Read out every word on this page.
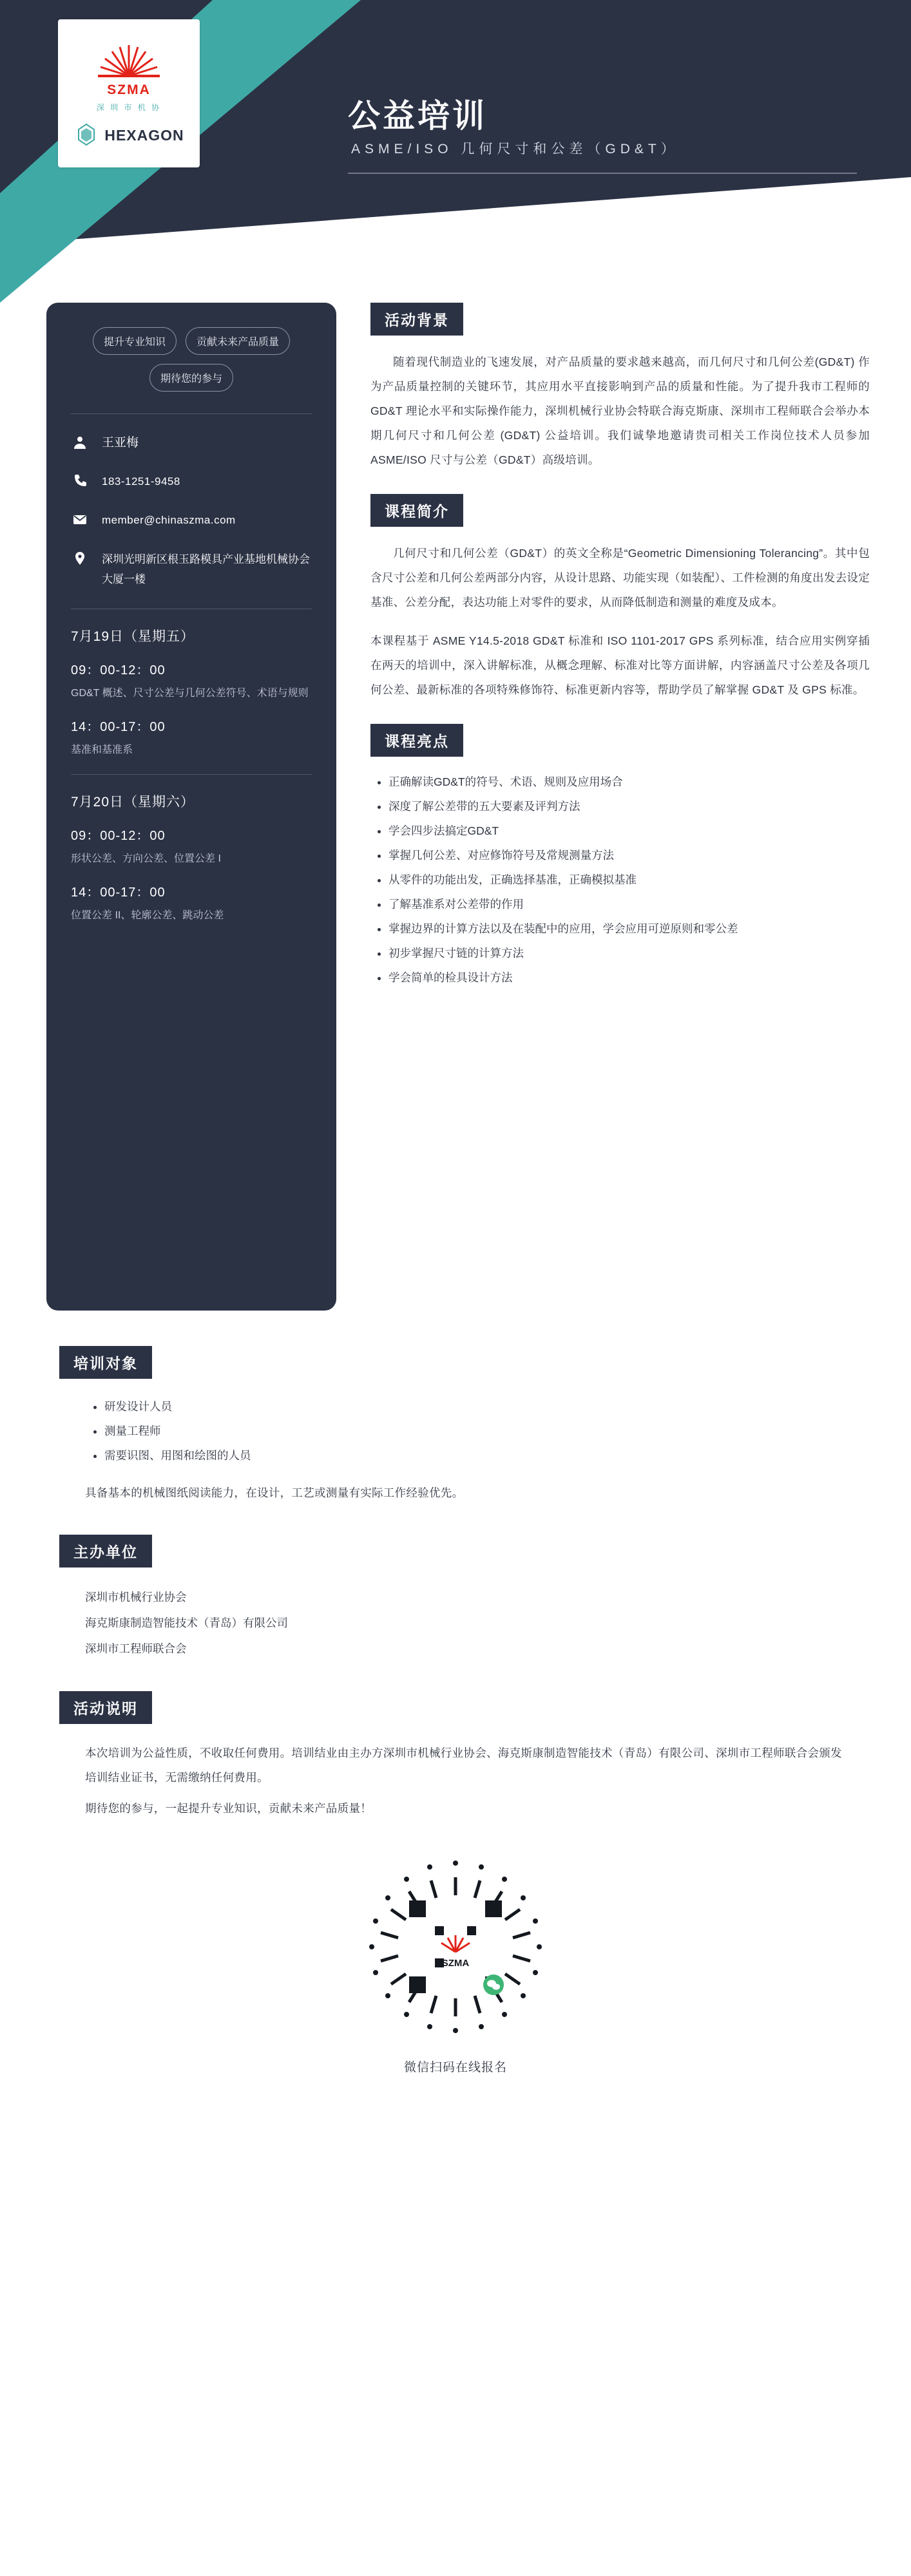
SZMA
深 圳 市 机 协
HEXAGON
公益培训
ASME/ISO 几何尺寸和公差（GD&T）
提升专业知识	贡献未来产品质量
期待您的参与
王亚梅
183-1251-9458
member@chinaszma.com
深圳光明新区根玉路模具产业基地机械协会大厦一楼
7月19日（星期五）
09：00-12：00
GD&T 概述、尺寸公差与几何公差符号、术语与规则
14：00-17：00
基准和基准系
7月20日（星期六）
09：00-12：00
形状公差、方向公差、位置公差 I
14：00-17：00
位置公差 II、轮廓公差、跳动公差
活动背景

随着现代制造业的飞速发展，对产品质量的要求越来越高，而几何尺寸和几何公差(GD&T) 作为产品质量控制的关键环节，其应用水平直接影响到产品的质量和性能。为了提升我市工程师的 GD&T 理论水平和实际操作能力，深圳机械行业协会特联合海克斯康、深圳市工程师联合会举办本期几何尺寸和几何公差 (GD&T) 公益培训。我们诚挚地邀请贵司相关工作岗位技术人员参加 ASME/ISO 尺寸与公差（GD&T）高级培训。

课程简介

几何尺寸和几何公差（GD&T）的英文全称是“Geometric Dimensioning Tolerancing”。其中包含尺寸公差和几何公差两部分内容，从设计思路、功能实现（如装配）、工件检测的角度出发去设定基准、公差分配，表达功能上对零件的要求，从而降低制造和测量的难度及成本。

本课程基于 ASME Y14.5-2018 GD&T 标准和 ISO 1101-2017 GPS 系列标准，结合应用实例穿插在两天的培训中，深入讲解标准，从概念理解、标准对比等方面讲解，内容涵盖尺寸公差及各项几何公差、最新标准的各项特殊修饰符、标准更新内容等，帮助学员了解掌握 GD&T 及 GPS 标准。

课程亮点
• 正确解读GD&T的符号、术语、规则及应用场合
• 深度了解公差带的五大要素及评判方法
• 学会四步法搞定GD&T
• 掌握几何公差、对应修饰符号及常规测量方法
• 从零件的功能出发，正确选择基准，正确模拟基准
• 了解基准系对公差带的作用
• 掌握边界的计算方法以及在装配中的应用，学会应用可逆原则和零公差
• 初步掌握尺寸链的计算方法
• 学会简单的检具设计方法
培训对象
• 研发设计人员
• 测量工程师
• 需要识图、用图和绘图的人员

具备基本的机械图纸阅读能力，在设计，工艺或测量有实际工作经验优先。

主办单位
深圳市机械行业协会
海克斯康制造智能技术（青岛）有限公司
深圳市工程师联合会
活动说明

本次培训为公益性质，不收取任何费用。培训结业由主办方深圳市机械行业协会、海克斯康制造智能技术（青岛）有限公司、深圳市工程师联合会颁发培训结业证书，无需缴纳任何费用。

期待您的参与，一起提升专业知识，贡献未来产品质量！

SZMA
微信扫码在线报名
